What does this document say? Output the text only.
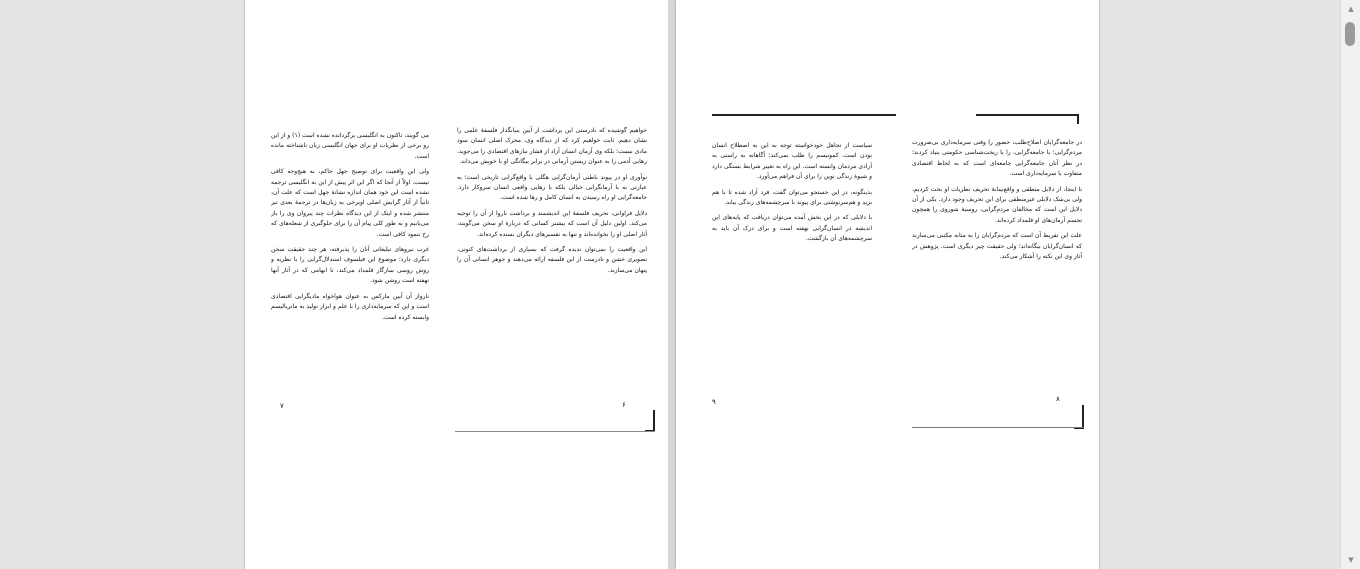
می گویند، تاکنون به انگلیسی برگردانده نشده است (۱) و از این رو برخی از نظریات او برای جهان انگلیسی زبان ناشناخته مانده است.

ولی این واقعیت برای توضیح جهل حاکم، به هیچ‌وجه کافی نیست. اولاً از آنجا که اگر این اثر پیش از این به انگلیسی ترجمه نشده است این خود همان اندازه نشانهٔ جهل است که علت آن، ثانیاً از آثار گرایش اصلی اوبرخی به زبان‌ها در ترجمهٔ بعدی نیز منتشر شده و اینک از این دیدگاه نظرات چند پیروان وی را باز می‌یابیم و به طور کلی پیام آن را برای جلوگیری از شعله‌های که رخ بنمود کافی است.

غرب نیروهای تبلیغاتی آنان را پذیرفته، هر چند حقیقت سخن دیگری دارد؛ موضوع این فیلسوف استدلال‌گرایی را با نظریه و روش روسی سازگار قلمداد می‌کند، تا ابهامی که در آثار آنها نهفته است روشن شود.

نارواز آن آیین مارکس به عنوان هواخواه مادیگرایی اقتصادی است و این که سرمایه‌داری را با علم و ابزار تولید به ماتریالیسم وابسته کرده است.

۷

خواهیم گوشیده که نادرستی این برداشت از آیین بنیانگذار فلسفهٔ علمی را نشان دهیم. ثابت خواهیم کرد که از دیدگاه وی، محرک اصلی انسان سود مادی نیست؛ بلکه وی آرمان انسان آزاد از فشار نیازهای اقتصادی را می‌جوید. رهایی آدمی را به عنوان زیستن آرمانی در برابر بیگانگی او با خویش می‌داند.

نوآوری او در پیوند باطنی آرمان‌گرایی هگلی با واقع‌گرایی تاریخی است؛ به عبارتی نه با آرمانگرایی خیالی بلکه با رهایی واقعی انسان سروکار دارد. جامعه‌گرایی او راه رسیدن به انسان کامل و رها شده است.

دلایل فراوانی، تحریف فلسفهٔ این اندیشمند و برداشت ناروا از آن را توجیه می‌کند. اولین دلیل آن است که بیشتر کسانی که دربارهٔ او سخن می‌گویند، آثار اصلی او را نخوانده‌اند و تنها به تفسیرهای دیگران بسنده کرده‌اند.

این واقعیت را نمی‌توان ندیده گرفت که بسیاری از برداشت‌های کنونی، تصویری خشن و نادرست از این فلسفه ارائه می‌دهند و جوهر انسانی آن را پنهان می‌سازند.

۶

سیاست از تجاهل خودخواسته توجه به این به اصطلاح انسان بودن است. کمونیسم را طلب نمی‌کند؛ آگاهانه به راستی به آزادی مردمان وابسته است. این راه به تغییر شرایط بستگی دارد و شیوهٔ زندگی نوین را برای آن فراهم می‌آورد.

بدینگونه، در این جستجو می‌توان گفت، فرد آزاد شده تا با هم بزید و هم‌سرنوشتی برای پیوند با سرچشمه‌های زندگی بیابد.

با دلایلی که در این بخش آمده می‌توان دریافت که پایه‌های این اندیشه در انسان‌گرایی نهفته است و برای درک آن باید به سرچشمه‌های آن بازگشت.

۹

در جامعه‌گرایان اصلاح‌طلب، حضور را وقتی سرمایه‌داری بی‌ضرورت مردم‌گرایی؛ با جامعه‌گرایی، را با ریخت‌شناسی حکومتی بنیاد کردند؛ در نظر آنان جامعه‌گرایی جامعه‌ای است که به لحاظ اقتصادی متفاوت با سرمایه‌داری است.

تا اینجا، از دلایل منطقی و واقع‌بینانهٔ تحریف نظریات او بحث کردیم، ولی بی‌شک دلایلی غیرمنطقی برای این تحریف وجود دارد. یکی از آن دلایل این است که مخالفان مردم‌گرایی، روسیهٔ شوروی را همچون تجسم آرمان‌های او قلمداد کرده‌اند.

علت این تفریط آن است که مردم‌گرایان را به مثابه مکتبی می‌سازند که انسان‌گرایان بیگانه‌اند؛ ولی حقیقت چیز دیگری است. پژوهش در آثار وی این نکته را آشکار می‌کند.

۸
▲
▼
